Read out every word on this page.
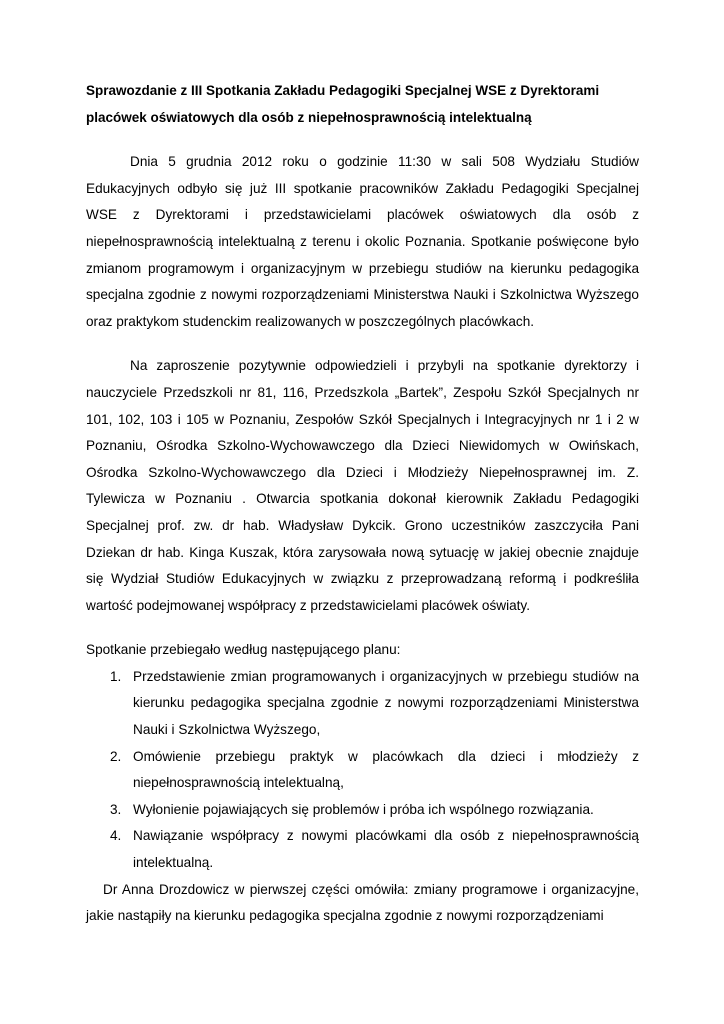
Sprawozdanie z III Spotkania Zakładu Pedagogiki Specjalnej WSE z Dyrektorami placówek oświatowych dla osób z niepełnosprawnością intelektualną

Dnia 5 grudnia 2012 roku o godzinie 11:30 w sali 508 Wydziału Studiów Edukacyjnych odbyło się już III spotkanie pracowników Zakładu Pedagogiki Specjalnej WSE z Dyrektorami i przedstawicielami placówek oświatowych dla osób z niepełnosprawnością intelektualną z terenu i okolic Poznania. Spotkanie poświęcone było zmianom programowym i organizacyjnym w przebiegu studiów na kierunku pedagogika specjalna zgodnie z nowymi rozporządzeniami Ministerstwa Nauki i Szkolnictwa Wyższego oraz praktykom studenckim realizowanych w poszczególnych placówkach.

Na zaproszenie pozytywnie odpowiedzieli i przybyli na spotkanie dyrektorzy i nauczyciele Przedszkoli nr 81, 116, Przedszkola „Bartek”, Zespołu Szkół Specjalnych nr 101, 102, 103 i 105 w Poznaniu, Zespołów Szkół Specjalnych i Integracyjnych nr 1 i 2 w Poznaniu, Ośrodka Szkolno-Wychowawczego dla Dzieci Niewidomych w Owińskach, Ośrodka Szkolno-Wychowawczego dla Dzieci i Młodzieży Niepełnosprawnej im. Z. Tylewicza w Poznaniu . Otwarcia spotkania dokonał kierownik Zakładu Pedagogiki Specjalnej prof. zw. dr hab. Władysław Dykcik. Grono uczestników zaszczyciła Pani Dziekan dr hab. Kinga Kuszak, która zarysowała nową sytuację w jakiej obecnie znajduje się Wydział Studiów Edukacyjnych w związku z przeprowadzaną reformą i podkreśliła wartość podejmowanej współpracy z przedstawicielami placówek oświaty.

Spotkanie przebiegało według następującego planu:

1. Przedstawienie zmian programowanych i organizacyjnych w przebiegu studiów na kierunku pedagogika specjalna zgodnie z nowymi rozporządzeniami Ministerstwa Nauki i Szkolnictwa Wyższego,
2. Omówienie przebiegu praktyk w placówkach dla dzieci i młodzieży z niepełnosprawnością intelektualną,
3. Wyłonienie pojawiających się problemów i próba ich wspólnego rozwiązania.
4. Nawiązanie współpracy z nowymi placówkami dla osób z niepełnosprawnością intelektualną.

Dr Anna Drozdowicz w pierwszej części omówiła: zmiany programowe i organizacyjne, jakie nastąpiły na kierunku pedagogika specjalna zgodnie z nowymi rozporządzeniami
